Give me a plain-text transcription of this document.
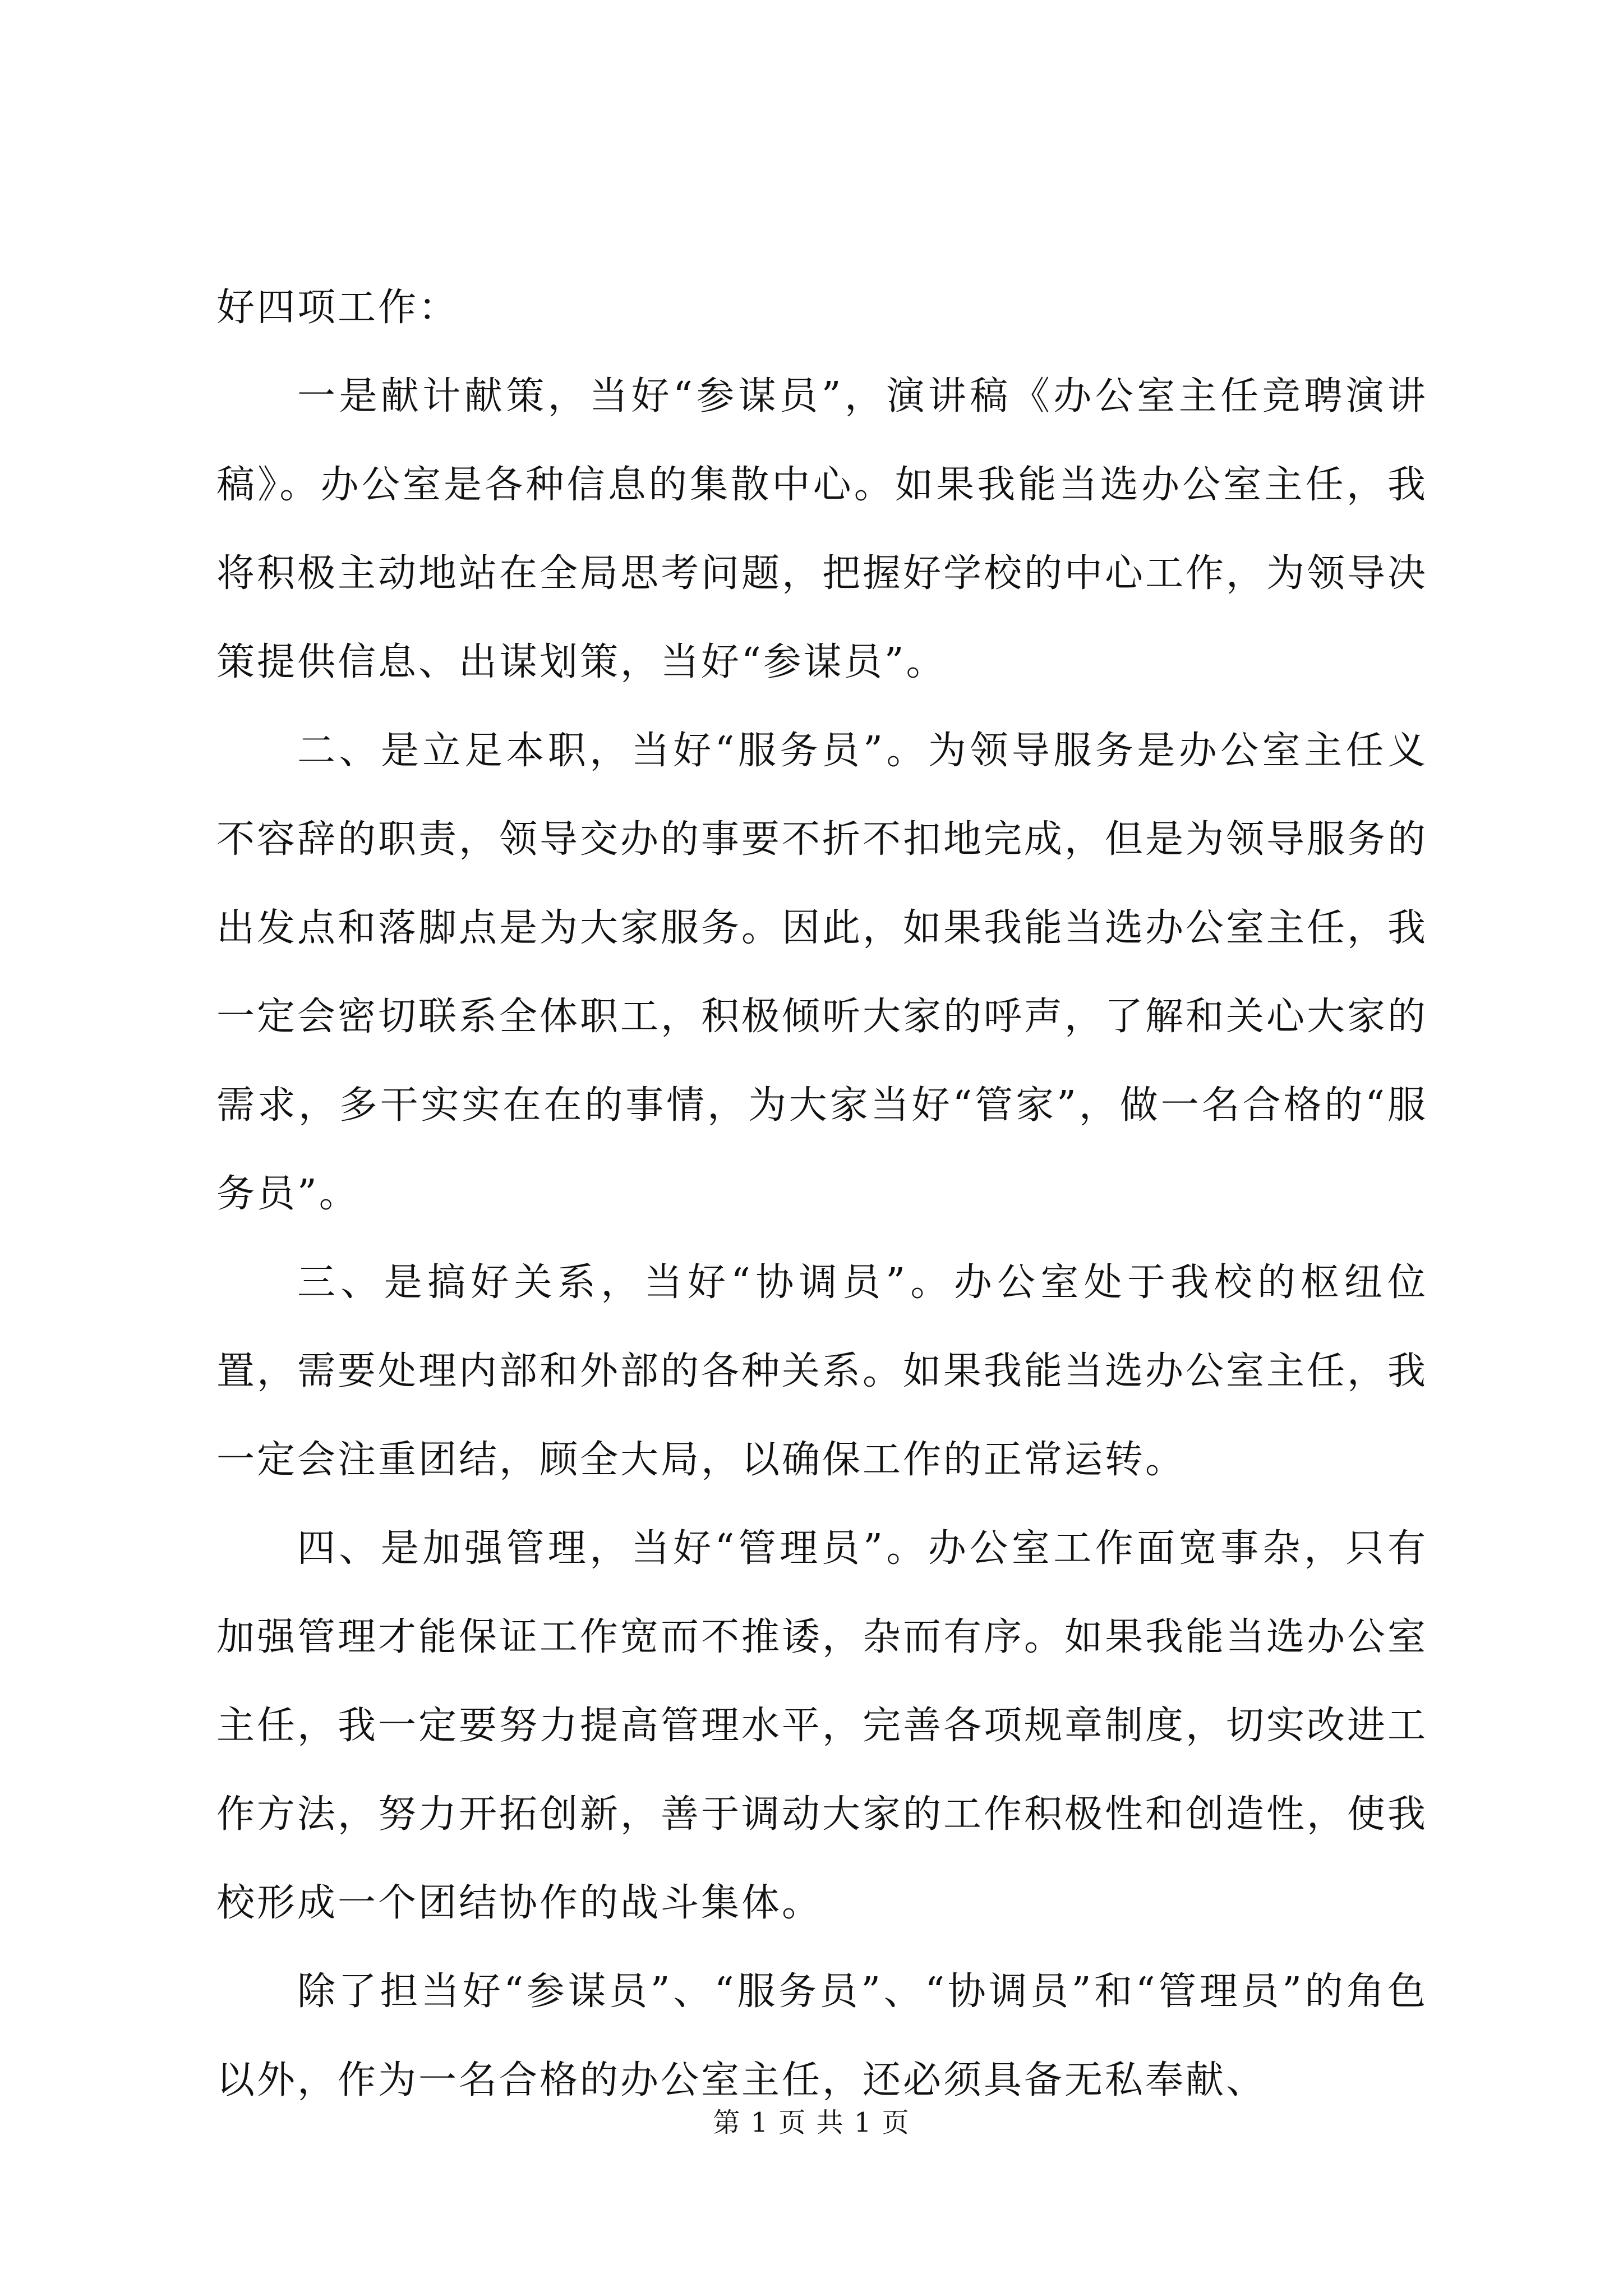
好四项工作：

一是献计献策，当好“参谋员”，演讲稿《办公室主任竞聘演讲稿》。办公室是各种信息的集散中心。如果我能当选办公室主任，我将积极主动地站在全局思考问题，把握好学校的中心工作，为领导决策提供信息、出谋划策，当好“参谋员”。

二、是立足本职，当好“服务员”。为领导服务是办公室主任义不容辞的职责，领导交办的事要不折不扣地完成，但是为领导服务的出发点和落脚点是为大家服务。因此，如果我能当选办公室主任，我一定会密切联系全体职工，积极倾听大家的呼声，了解和关心大家的需求，多干实实在在的事情，为大家当好“管家”，做一名合格的“服务员”。

三、是搞好关系，当好“协调员”。办公室处于我校的枢纽位置，需要处理内部和外部的各种关系。如果我能当选办公室主任，我一定会注重团结，顾全大局，以确保工作的正常运转。

四、是加强管理，当好“管理员”。办公室工作面宽事杂，只有加强管理才能保证工作宽而不推诿，杂而有序。如果我能当选办公室主任，我一定要努力提高管理水平，完善各项规章制度，切实改进工作方法，努力开拓创新，善于调动大家的工作积极性和创造性，使我校形成一个团结协作的战斗集体。

除了担当好“参谋员”、“服务员”、“协调员”和“管理员”的角色以外，作为一名合格的办公室主任，还必须具备无私奉献、

第 1 页 共 1 页
